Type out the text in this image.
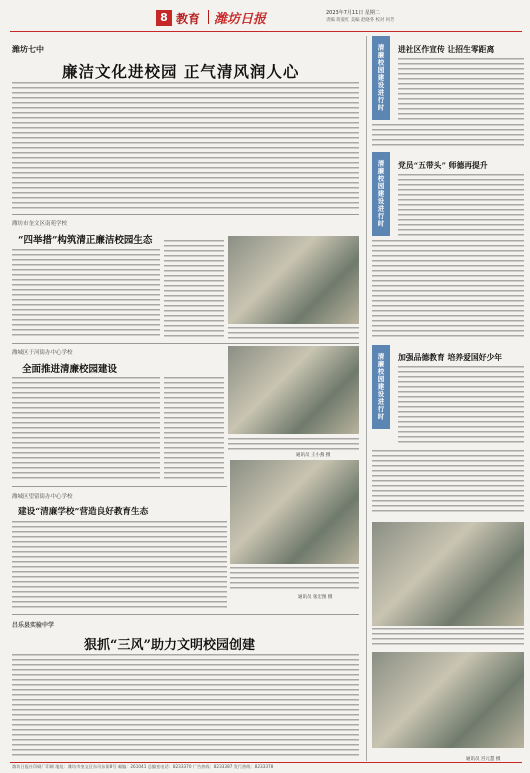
8 教育 潍坊日报	2023年7月11日 星期二
责编 蒋爱红 美编 赵晓冬 校对 何芳
潍坊七中
廉洁文化进校园 正气清风润人心
潍坊市奎文区南苑学校
“四举措”构筑清正廉洁校园生态
潍城区于河街办中心学校
全面推进清廉校园建设
通讯员 王小燕 摄
潍城区望留街办中心学校
建设“清廉学校”营造良好教育生态
通讯员 张宏图 摄
清廉校园建设进行时	进社区作宣传 让招生零距离
清廉校园建设进行时	党员“五带头” 师德再提升
清廉校园建设进行时	加强品德教育 培养爱国好少年
通讯员 宫元慧 摄
吕乐县实验中学
狠抓“三风”助力文明校园创建
潍坊日报社印刷厂印刷 地址：潍坊市奎文区东风东街8号 邮编：261041 总编室电话：8233370 广告热线：8233387 发行热线：8233378
